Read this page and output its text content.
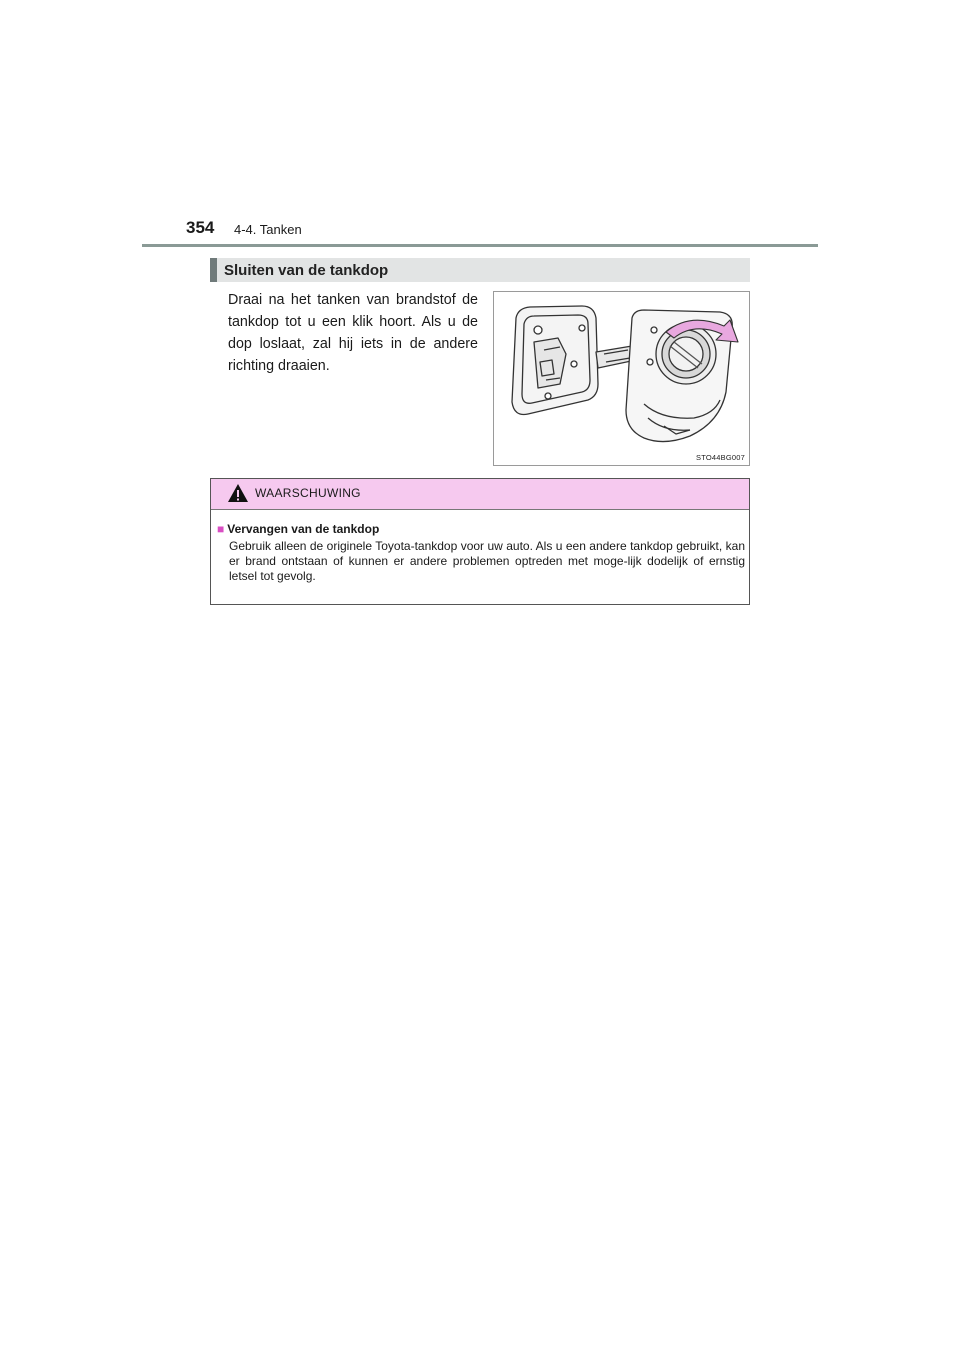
354 4-4. Tanken
Sluiten van de tankdop
Draai na het tanken van brandstof de tankdop tot u een klik hoort. Als u de dop loslaat, zal hij iets in de andere richting draaien.
STO44BG007
WAARSCHUWING
■ Vervangen van de tankdop
Gebruik alleen de originele Toyota-tankdop voor uw auto. Als u een andere tankdop gebruikt, kan er brand ontstaan of kunnen er andere problemen optreden met moge-lijk dodelijk of ernstig letsel tot gevolg.
